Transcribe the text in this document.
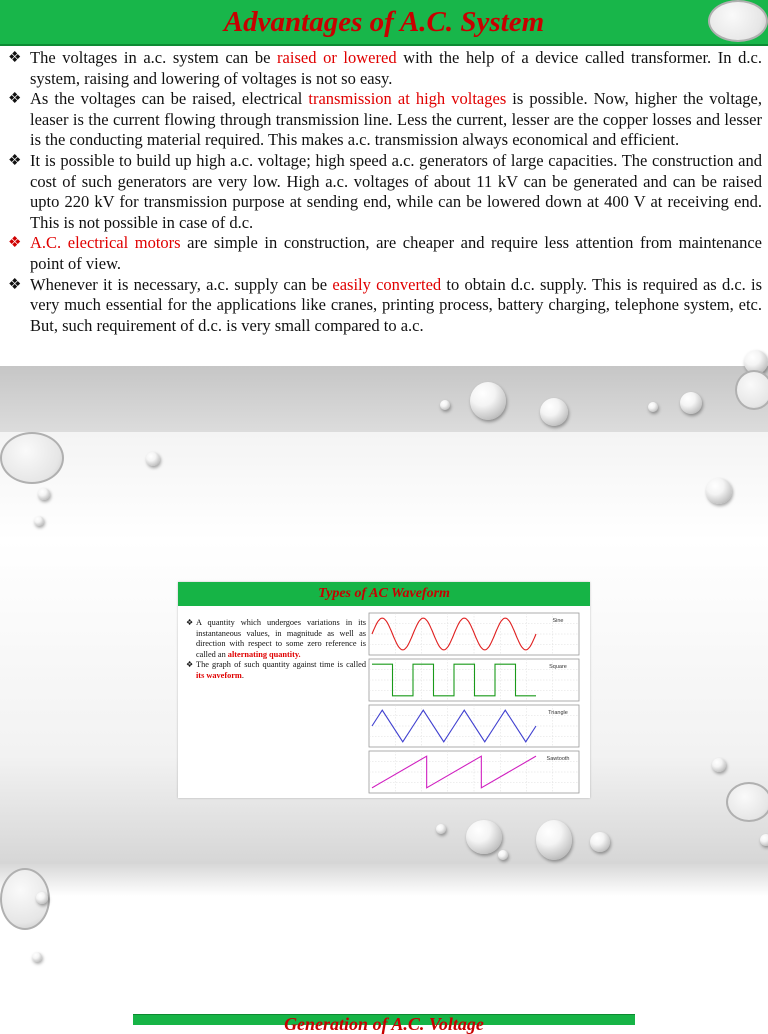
Advantages of A.C. System
❖ The voltages in a.c. system can be raised or lowered with the help of a device called transformer. In d.c. system, raising and lowering of voltages is not so easy.
❖ As the voltages can be raised, electrical transmission at high voltages is possible. Now, higher the voltage, leaser is the current flowing through transmission line. Less the current, lesser are the copper losses and lesser is the conducting material required. This makes a.c. transmission always economical and efficient.
❖ It is possible to build up high a.c. voltage; high speed a.c. generators of large capacities. The construction and cost of such generators are very low. High a.c. voltages of about 11 kV can be generated and can be raised upto 220 kV for transmission purpose at sending end, while can be lowered down at 400 V at receiving end. This is not possible in case of d.c.
❖ A.C. electrical motors are simple in construction, are cheaper and require less attention from maintenance point of view.
❖ Whenever it is necessary, a.c. supply can be easily converted to obtain d.c. supply. This is required as d.c. is very much essential for the applications like cranes, printing process, battery charging, telephone system, etc. But, such requirement of d.c. is very small compared to a.c.
Types of AC Waveform
❖ A quantity which undergoes variations in its instantaneous values, in magnitude as well as direction with respect to some zero reference is called an alternating quantity.
❖ The graph of such quantity against time is called its waveform.
Sine
Square
Triangle
Sawtooth
Generation of A.C. Voltage
